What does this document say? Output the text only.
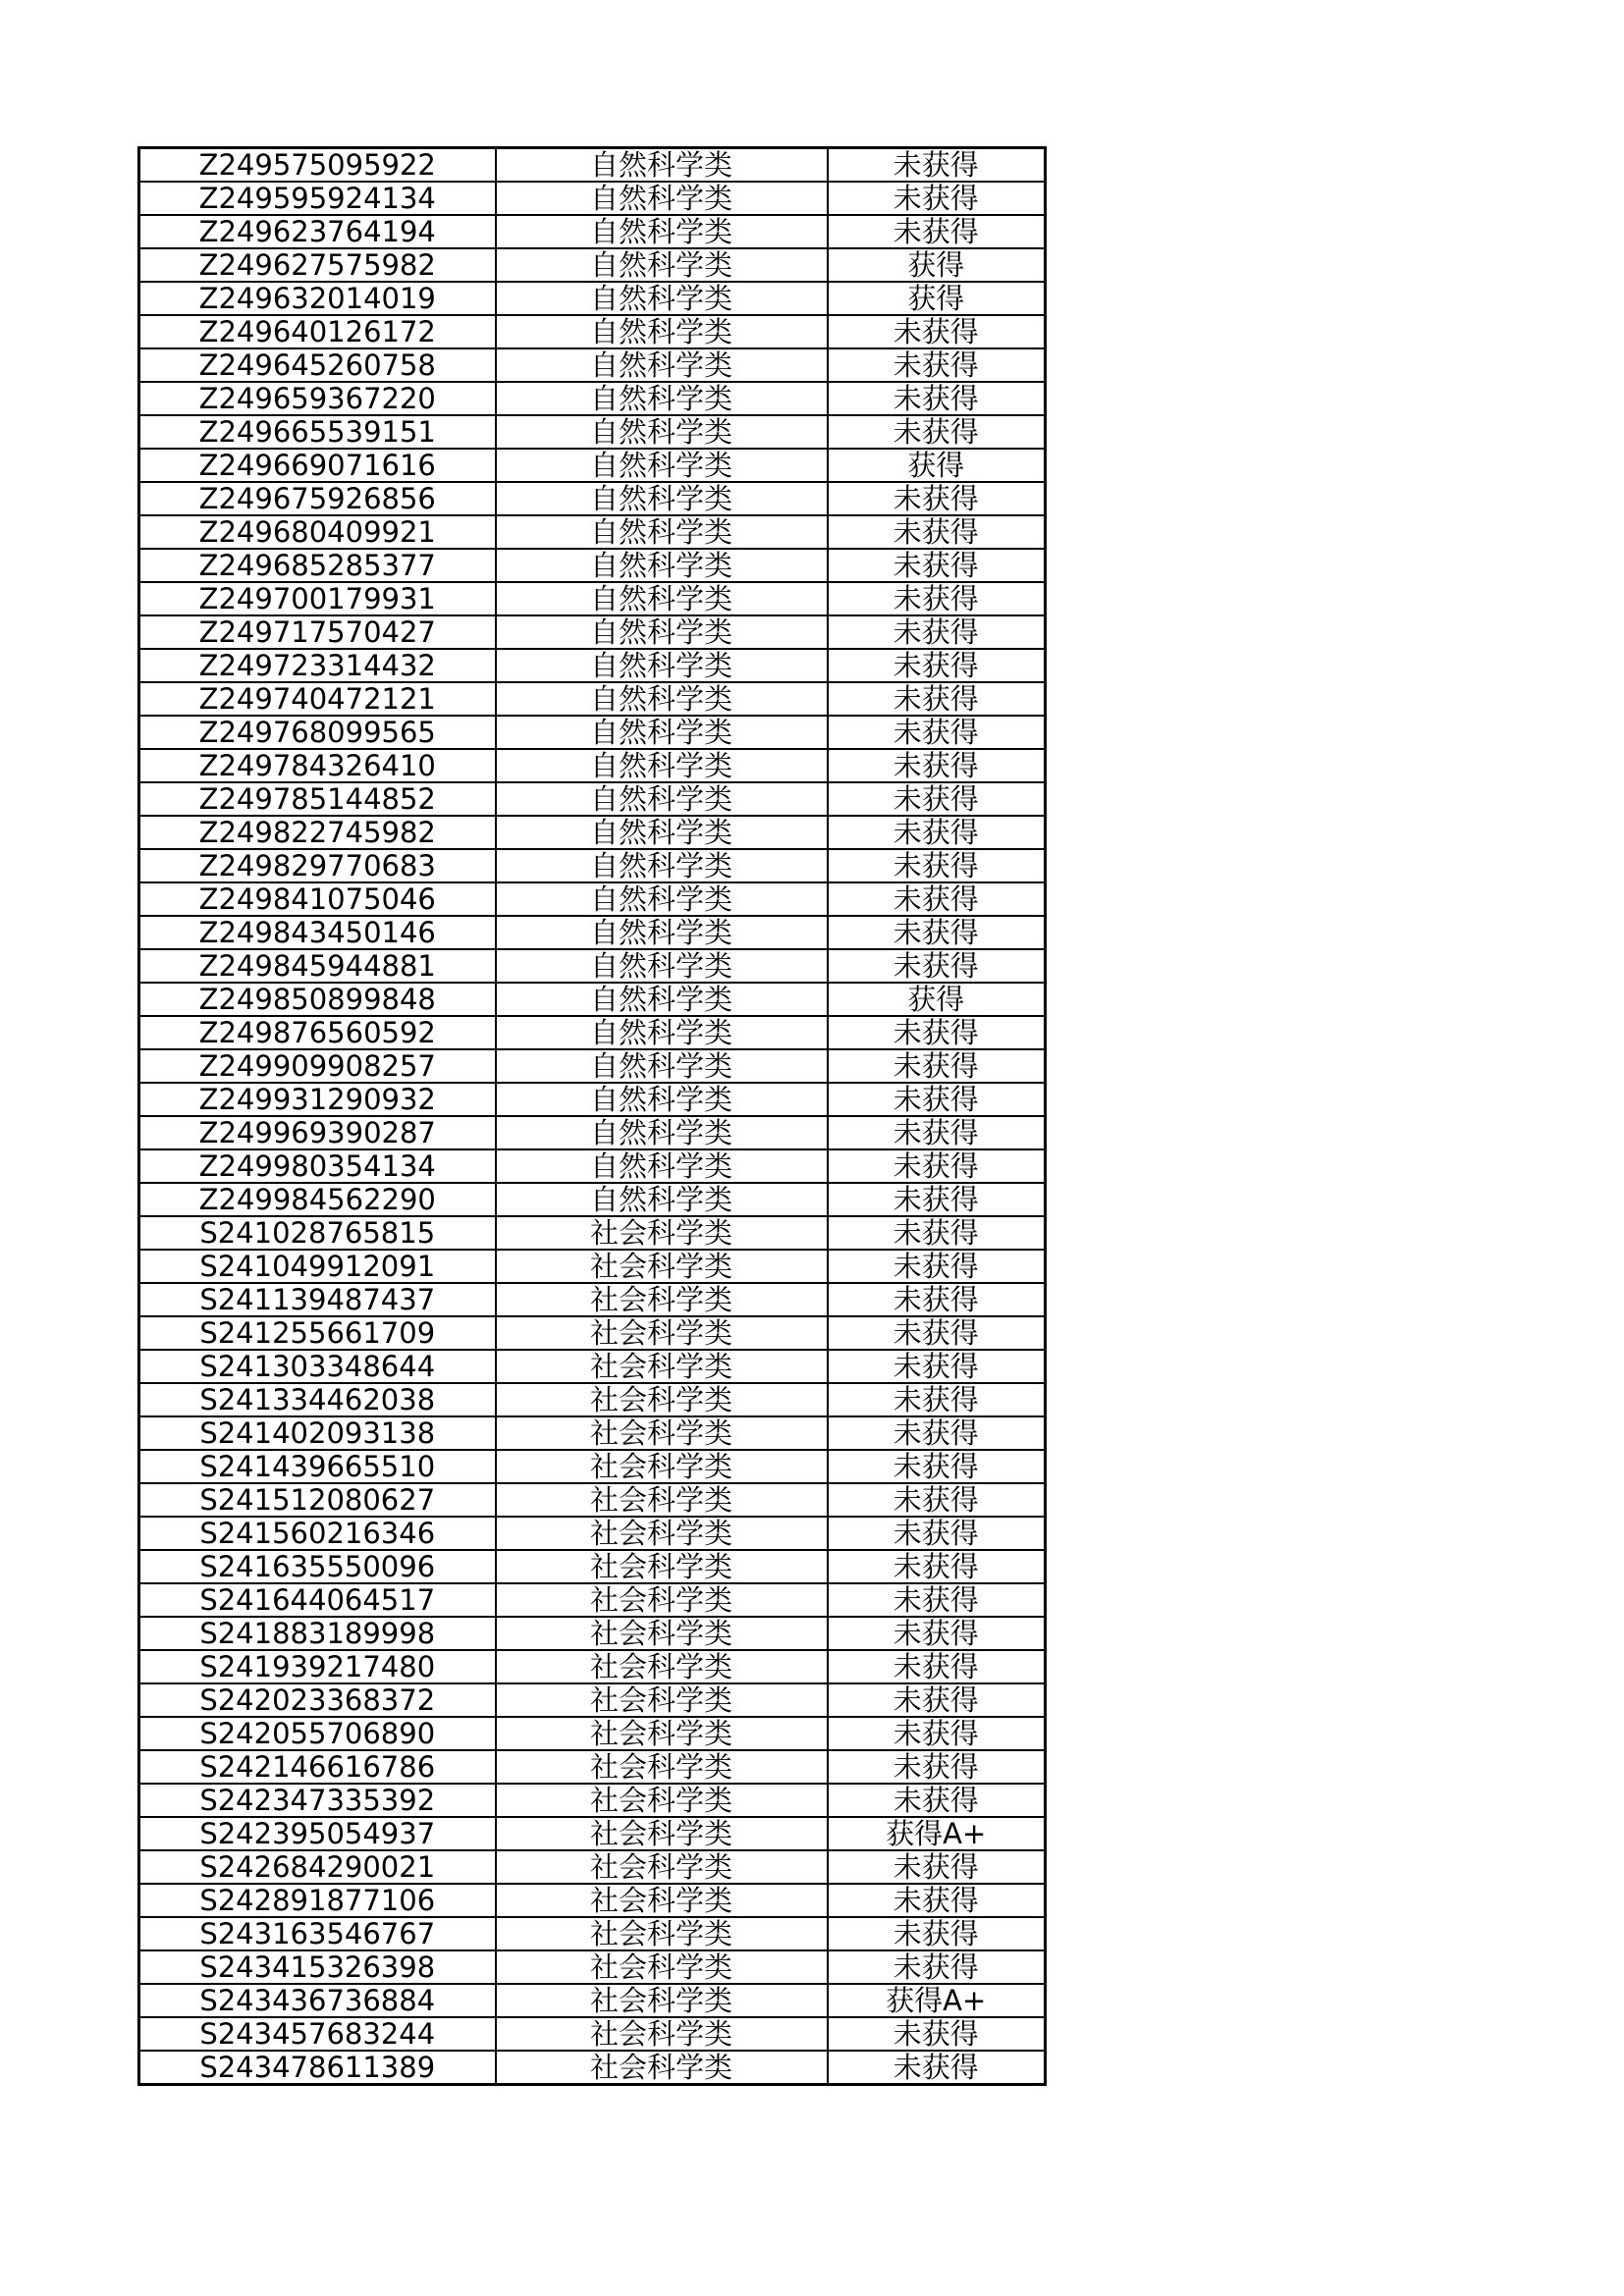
Z249575095922	自然科学类	未获得
Z249595924134	自然科学类	未获得
Z249623764194	自然科学类	未获得
Z249627575982	自然科学类	获得
Z249632014019	自然科学类	获得
Z249640126172	自然科学类	未获得
Z249645260758	自然科学类	未获得
Z249659367220	自然科学类	未获得
Z249665539151	自然科学类	未获得
Z249669071616	自然科学类	获得
Z249675926856	自然科学类	未获得
Z249680409921	自然科学类	未获得
Z249685285377	自然科学类	未获得
Z249700179931	自然科学类	未获得
Z249717570427	自然科学类	未获得
Z249723314432	自然科学类	未获得
Z249740472121	自然科学类	未获得
Z249768099565	自然科学类	未获得
Z249784326410	自然科学类	未获得
Z249785144852	自然科学类	未获得
Z249822745982	自然科学类	未获得
Z249829770683	自然科学类	未获得
Z249841075046	自然科学类	未获得
Z249843450146	自然科学类	未获得
Z249845944881	自然科学类	未获得
Z249850899848	自然科学类	获得
Z249876560592	自然科学类	未获得
Z249909908257	自然科学类	未获得
Z249931290932	自然科学类	未获得
Z249969390287	自然科学类	未获得
Z249980354134	自然科学类	未获得
Z249984562290	自然科学类	未获得
S241028765815	社会科学类	未获得
S241049912091	社会科学类	未获得
S241139487437	社会科学类	未获得
S241255661709	社会科学类	未获得
S241303348644	社会科学类	未获得
S241334462038	社会科学类	未获得
S241402093138	社会科学类	未获得
S241439665510	社会科学类	未获得
S241512080627	社会科学类	未获得
S241560216346	社会科学类	未获得
S241635550096	社会科学类	未获得
S241644064517	社会科学类	未获得
S241883189998	社会科学类	未获得
S241939217480	社会科学类	未获得
S242023368372	社会科学类	未获得
S242055706890	社会科学类	未获得
S242146616786	社会科学类	未获得
S242347335392	社会科学类	未获得
S242395054937	社会科学类	获得A+
S242684290021	社会科学类	未获得
S242891877106	社会科学类	未获得
S243163546767	社会科学类	未获得
S243415326398	社会科学类	未获得
S243436736884	社会科学类	获得A+
S243457683244	社会科学类	未获得
S243478611389	社会科学类	未获得
